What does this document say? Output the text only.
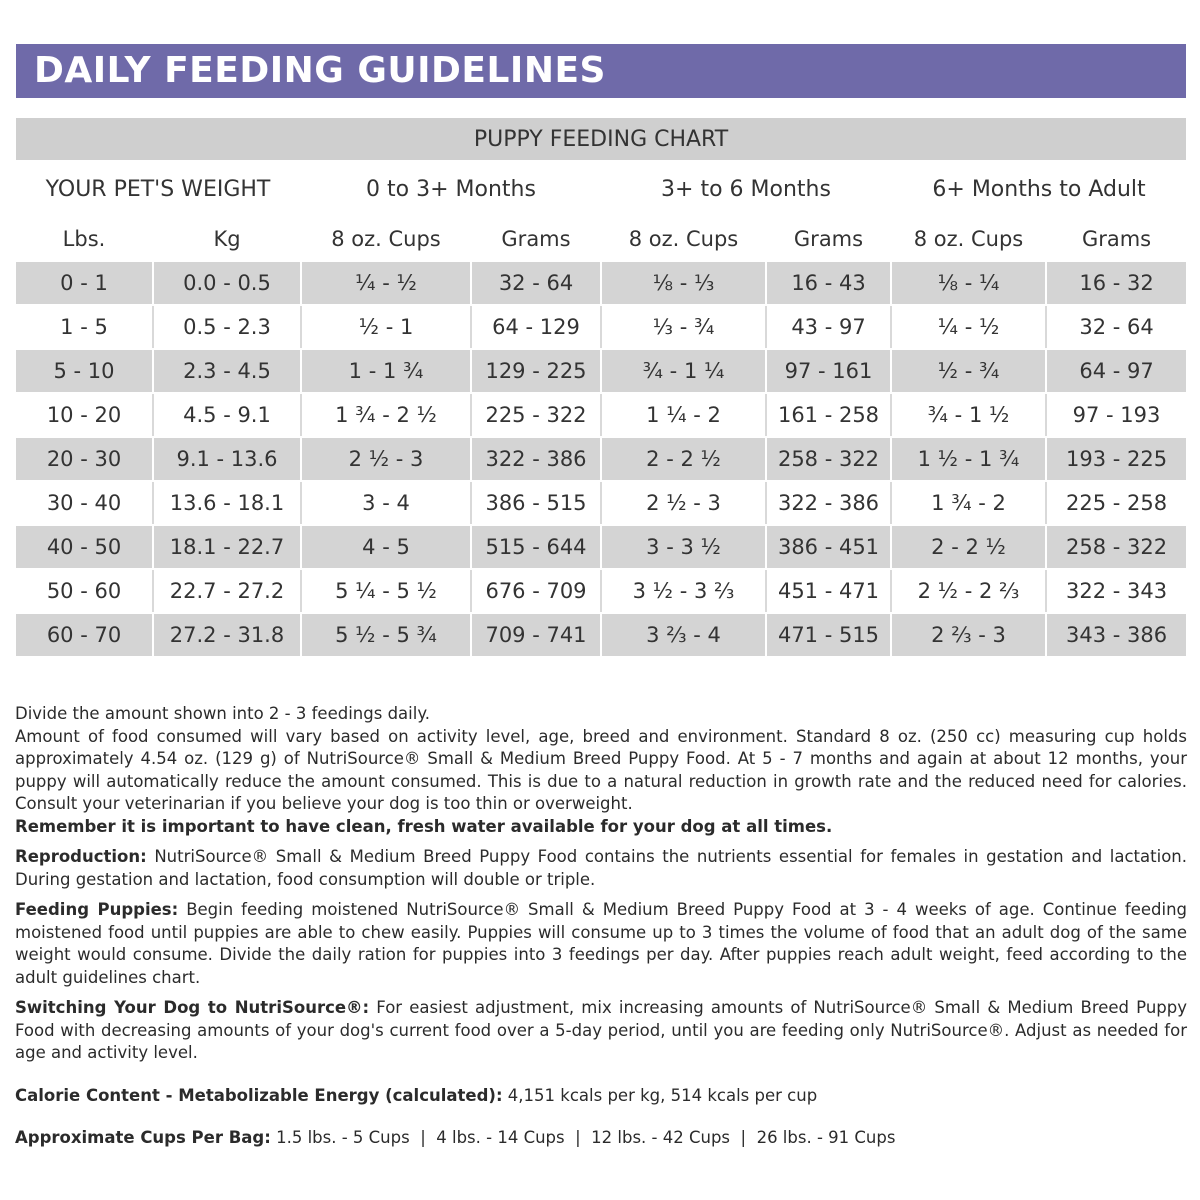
DAILY FEEDING GUIDELINES
PUPPY FEEDING CHART							
YOUR PET'S WEIGHT		0 to 3+ Months		3+ to 6 Months		6+ Months to Adult	
Lbs.	Kg	8 oz. Cups	Grams	8 oz. Cups	Grams	8 oz. Cups	Grams
0 - 1	0.0 - 0.5	¼ - ½	32 - 64	⅛ - ⅓	16 - 43	⅛ - ¼	16 - 32
1 - 5	0.5 - 2.3	½ - 1	64 - 129	⅓ - ¾	43 - 97	¼ - ½	32 - 64
5 - 10	2.3 - 4.5	1 - 1 ¾	129 - 225	¾ - 1 ¼	97 - 161	½ - ¾	64 - 97
10 - 20	4.5 - 9.1	1 ¾ - 2 ½	225 - 322	1 ¼ - 2	161 - 258	¾ - 1 ½	97 - 193
20 - 30	9.1 - 13.6	2 ½ - 3	322 - 386	2 - 2 ½	258 - 322	1 ½ - 1 ¾	193 - 225
30 - 40	13.6 - 18.1	3 - 4	386 - 515	2 ½ - 3	322 - 386	1 ¾ - 2	225 - 258
40 - 50	18.1 - 22.7	4 - 5	515 - 644	3 - 3 ½	386 - 451	2 - 2 ½	258 - 322
50 - 60	22.7 - 27.2	5 ¼ - 5 ½	676 - 709	3 ½ - 3 ⅔	451 - 471	2 ½ - 2 ⅔	322 - 343
60 - 70	27.2 - 31.8	5 ½ - 5 ¾	709 - 741	3 ⅔ - 4	471 - 515	2 ⅔ - 3	343 - 386

Divide the amount shown into 2 - 3 feedings daily.

Amount of food consumed will vary based on activity level, age, breed and environment. Standard 8 oz. (250 cc) measuring cup holds approximately 4.54 oz. (129 g) of NutriSource® Small & Medium Breed Puppy Food. At 5 - 7 months and again at about 12 months, your puppy will automatically reduce the amount consumed. This is due to a natural reduction in growth rate and the reduced need for calories. Consult your veterinarian if you believe your dog is too thin or overweight.

Remember it is important to have clean, fresh water available for your dog at all times.

Reproduction: NutriSource® Small & Medium Breed Puppy Food contains the nutrients essential for females in gestation and lactation. During gestation and lactation, food consumption will double or triple.

Feeding Puppies: Begin feeding moistened NutriSource® Small & Medium Breed Puppy Food at 3 - 4 weeks of age. Continue feeding moistened food until puppies are able to chew easily. Puppies will consume up to 3 times the volume of food that an adult dog of the same weight would consume. Divide the daily ration for puppies into 3 feedings per day. After puppies reach adult weight, feed according to the adult guidelines chart.

Switching Your Dog to NutriSource®: For easiest adjustment, mix increasing amounts of NutriSource® Small & Medium Breed Puppy Food with decreasing amounts of your dog's current food over a 5-day period, until you are feeding only NutriSource®. Adjust as needed for age and activity level.

Calorie Content - Metabolizable Energy (calculated): 4,151 kcals per kg, 514 kcals per cup

Approximate Cups Per Bag: 1.5 lbs. - 5 Cups  |  4 lbs. - 14 Cups  |  12 lbs. - 42 Cups  |  26 lbs. - 91 Cups
